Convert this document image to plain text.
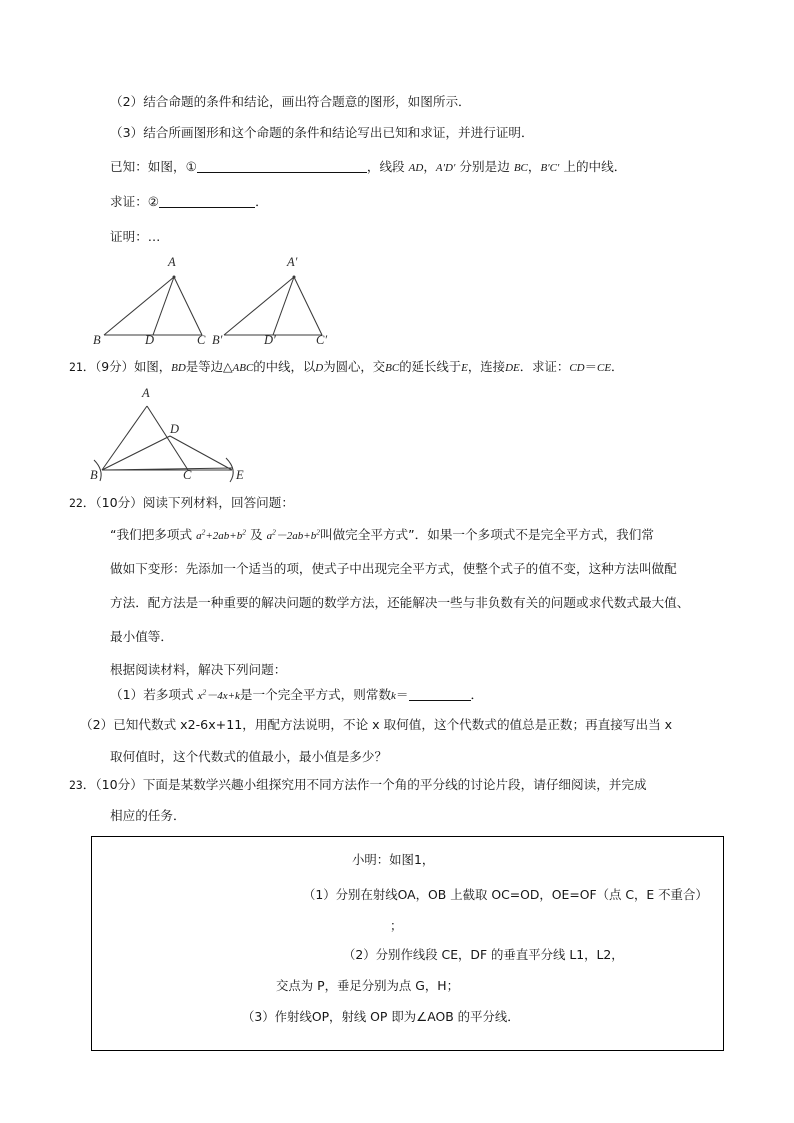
（2）结合命题的条件和结论，画出符合题意的图形，如图所示．
（3）结合所画图形和这个命题的条件和结论写出已知和求证，并进行证明．
已知：如图，①	，线段 AD，A′D′ 分别是边 BC，B′C′ 上的中线．
求证：②	．
证明：…
A
B	D	C
A′
B′	D′	C′
21．（9分）如图，BD是等边△ABC的中线，以D为圆心，交BC的延长线于E，连接DE．求证：CD＝CE．
A
B	C
D
E
22．（10分）阅读下列材料，回答问题：
“我们把多项式 $a^2+2ab+b^2$ 及 $a^2-2ab+b^2$叫做完全平方式”．如果一个多项式不是完全平方式，我们常
做如下变形：先添加一个适当的项，使式子中出现完全平方式，使整个式子的值不变，这种方法叫做配
方法．配方法是一种重要的解决问题的数学方法，还能解决一些与非负数有关的问题或求代数式最大值、
最小值等．
根据阅读材料，解决下列问题：
（1）若多项式 $x^2-4x+k$是一个完全平方式，则常数k＝	．
（2）已知代数式 x2-6x+11，用配方法说明，不论 x 取何值，这个代数式的值总是正数；再直接写出当 x
取何值时，这个代数式的值最小，最小值是多少？
23．（10分）下面是某数学兴趣小组探究用不同方法作一个角的平分线的讨论片段，请仔细阅读，并完成
相应的任务．
小明：如图1，
（1）分别在射线OA，OB 上截取 OC=OD，OE=OF（点 C，E 不重合）
；
（2）分别作线段 CE，DF 的垂直平分线 L1，L2，
交点为 P，垂足分别为点 G，H；
（3）作射线OP，射线 OP 即为∠AOB 的平分线．
